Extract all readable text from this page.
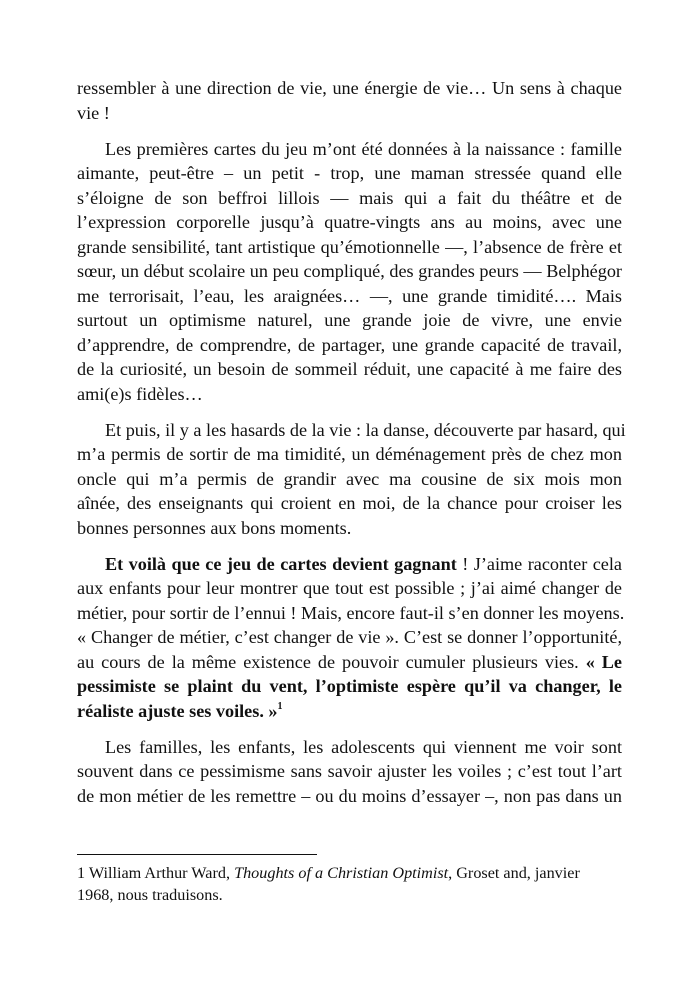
ressembler à une direction de vie, une énergie de vie… Un sens à chaque
vie !
Les premières cartes du jeu m’ont été données à la naissance : famille
aimante, peut-être – un petit - trop, une maman stressée quand elle
s’éloigne de son beffroi lillois — mais qui a fait du théâtre et de
l’expression corporelle jusqu’à quatre-vingts ans au moins, avec une
grande sensibilité, tant artistique qu’émotionnelle —, l’absence de frère et
sœur, un début scolaire un peu compliqué, des grandes peurs — Belphégor
me terrorisait, l’eau, les araignées… —, une grande timidité…. Mais
surtout un optimisme naturel, une grande joie de vivre, une envie
d’apprendre, de comprendre, de partager, une grande capacité de travail,
de la curiosité, un besoin de sommeil réduit, une capacité à me faire des
ami(e)s fidèles…
Et puis, il y a les hasards de la vie : la danse, découverte par hasard, qui
m’a permis de sortir de ma timidité, un déménagement près de chez mon
oncle qui m’a permis de grandir avec ma cousine de six mois mon
aînée, des enseignants qui croient en moi, de la chance pour croiser les
bonnes personnes aux bons moments.
Et voilà que ce jeu de cartes devient gagnant ! J’aime raconter cela
aux enfants pour leur montrer que tout est possible ; j’ai aimé changer de
métier, pour sortir de l’ennui ! Mais, encore faut-il s’en donner les moyens.
« Changer de métier, c’est changer de vie ». C’est se donner l’opportunité,
au cours de la même existence de pouvoir cumuler plusieurs vies. « Le
pessimiste se plaint du vent, l’optimiste espère qu’il va changer, le
réaliste ajuste ses voiles. »$^1$
Les familles, les enfants, les adolescents qui viennent me voir sont
souvent dans ce pessimisme sans savoir ajuster les voiles ; c’est tout l’art
de mon métier de les remettre – ou du moins d’essayer –, non pas dans un
1 William Arthur Ward, Thoughts of a Christian Optimist, Groset and, janvier
1968, nous traduisons.
